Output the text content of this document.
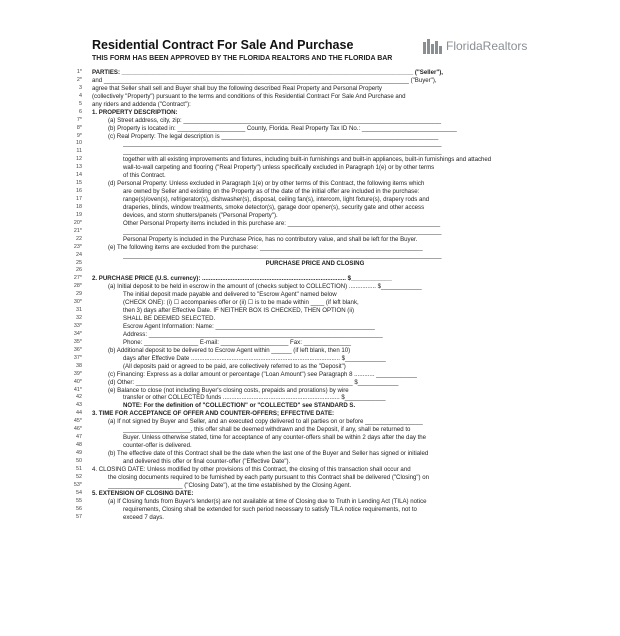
Residential Contract For Sale And Purchase
THIS FORM HAS BEEN APPROVED BY THE FLORIDA REALTORS AND THE FLORIDA BAR
FloridaRealtors
1* PARTIES: ______________________________________________________________________________________ ("Seller"),
2* and __________________________________________________________________________________________ ("Buyer"),
3 agree that Seller shall sell and Buyer shall buy the following described Real Property and Personal Property
4 (collectively "Property") pursuant to the terms and conditions of this Residential Contract For Sale And Purchase and
5 any riders and addenda ("Contract"):
6 1. PROPERTY DESCRIPTION:
7*	(a) Street address, city, zip: ____________________________________________________________________________
8*	(b) Property is located in: ____________________ County, Florida. Real Property Tax ID No.: ____________________________
9*	(c) Real Property: The legal description is ________________________________________________________________
10	______________________________________________________________________________________________
11	______________________________________________________________________________________________
12	together with all existing improvements and fixtures, including built-in furnishings and built-in appliances, built-in furnishings and attached
13	wall-to-wall carpeting and flooring ("Real Property") unless specifically excluded in Paragraph 1(e) or by other terms
14	of this Contract.
15	(d) Personal Property: Unless excluded in Paragraph 1(e) or by other terms of this Contract, the following items which
16	are owned by Seller and existing on the Property as of the date of the initial offer are included in the purchase:
17	range(s)/oven(s), refrigerator(s), dishwasher(s), disposal, ceiling fan(s), intercom, light fixture(s), drapery rods and
18	draperies, blinds, window treatments, smoke detector(s), garage door opener(s), security gate and other access
19	devices, and storm shutters/panels ("Personal Property").
20*	Other Personal Property items included in this purchase are: _____________________________________________
21*	______________________________________________________________________________________________
22	Personal Property is included in the Purchase Price, has no contributory value, and shall be left for the Buyer.
23*	(e) The following items are excluded from the purchase: ________________________________________________
24	______________________________________________________________________________________________
25	PURCHASE PRICE AND CLOSING
26
27* 2. PURCHASE PRICE (U.S. currency): ..................................................................................... $____________
28*	(a) Initial deposit to be held in escrow in the amount of (checks subject to COLLECTION) ................ $____________
29	The initial deposit made payable and delivered to "Escrow Agent" named below
30*	(CHECK ONE): (i) ☐ accompanies offer or (ii) ☐ is to be made within ____ (if left blank,
31	then 3) days after Effective Date. IF NEITHER BOX IS CHECKED, THEN OPTION (ii)
32	SHALL BE DEEMED SELECTED.
33*	Escrow Agent Information: Name: _______________________________________________
34*	Address: _____________________________________________________________________
35*	Phone: ________________ E-mail: ____________________ Fax: ______________
36*	(b) Additional deposit to be delivered to Escrow Agent within ______ (if left blank, then 10)
37*	days after Effective Date ........................................................................................ $____________
38	(All deposits paid or agreed to be paid, are collectively referred to as the "Deposit")
39*	(c) Financing: Express as a dollar amount or percentage ("Loan Amount") see Paragraph 8 ............ ____________
40*	(d) Other: ________________________________________________________________ $____________
41*	(e) Balance to close (not including Buyer's closing costs, prepaids and prorations) by wire
42	transfer or other COLLECTED funds ..................................................................... $____________
43	NOTE: For the definition of "COLLECTION" or "COLLECTED" see STANDARD S.
44 3. TIME FOR ACCEPTANCE OF OFFER AND COUNTER-OFFERS; EFFECTIVE DATE:
45*	(a) If not signed by Buyer and Seller, and an executed copy delivered to all parties on or before _________________
46*	____________________, this offer shall be deemed withdrawn and the Deposit, if any, shall be returned to
47	Buyer. Unless otherwise stated, time for acceptance of any counter-offers shall be within 2 days after the day the
48	counter-offer is delivered.
49	(b) The effective date of this Contract shall be the date when the last one of the Buyer and Seller has signed or initialed
50	and delivered this offer or final counter-offer ("Effective Date").
51 4. CLOSING DATE: Unless modified by other provisions of this Contract, the closing of this transaction shall occur and
52	the closing documents required to be furnished by each party pursuant to this Contract shall be delivered ("Closing") on
53*	______________________ ("Closing Date"), at the time established by the Closing Agent.
54 5. EXTENSION OF CLOSING DATE:
55	(a) If Closing funds from Buyer's lender(s) are not available at time of Closing due to Truth in Lending Act (TILA) notice
56	requirements, Closing shall be extended for such period necessary to satisfy TILA notice requirements, not to
57	exceed 7 days.
